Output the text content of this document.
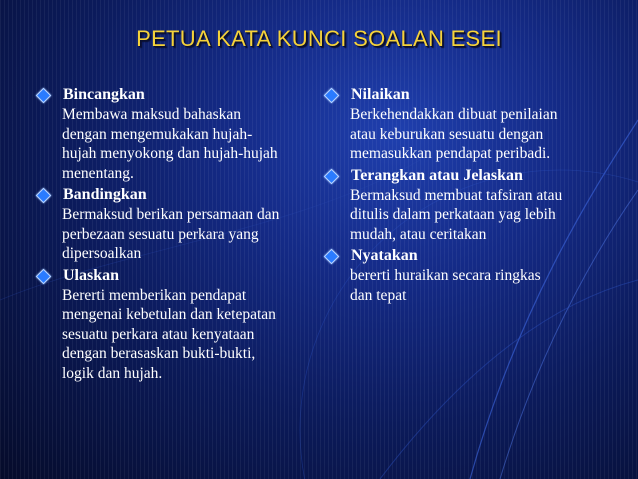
PETUA KATA KUNCI SOALAN ESEI
Bincangkan
Membawa maksud bahaskan
dengan mengemukakan hujah-
hujah menyokong dan hujah-hujah
menentang.
Bandingkan
Bermaksud berikan persamaan dan
perbezaan sesuatu perkara yang
dipersoalkan
Ulaskan
Bererti memberikan pendapat
mengenai kebetulan dan ketepatan
sesuatu perkara atau kenyataan
dengan berasaskan bukti-bukti,
logik dan hujah.
Nilaikan
Berkehendakkan dibuat penilaian
atau keburukan sesuatu dengan
memasukkan pendapat peribadi.
Terangkan atau Jelaskan
Bermaksud membuat tafsiran atau
ditulis dalam perkataan yag lebih
mudah, atau ceritakan
Nyatakan
bererti huraikan secara ringkas
dan tepat
